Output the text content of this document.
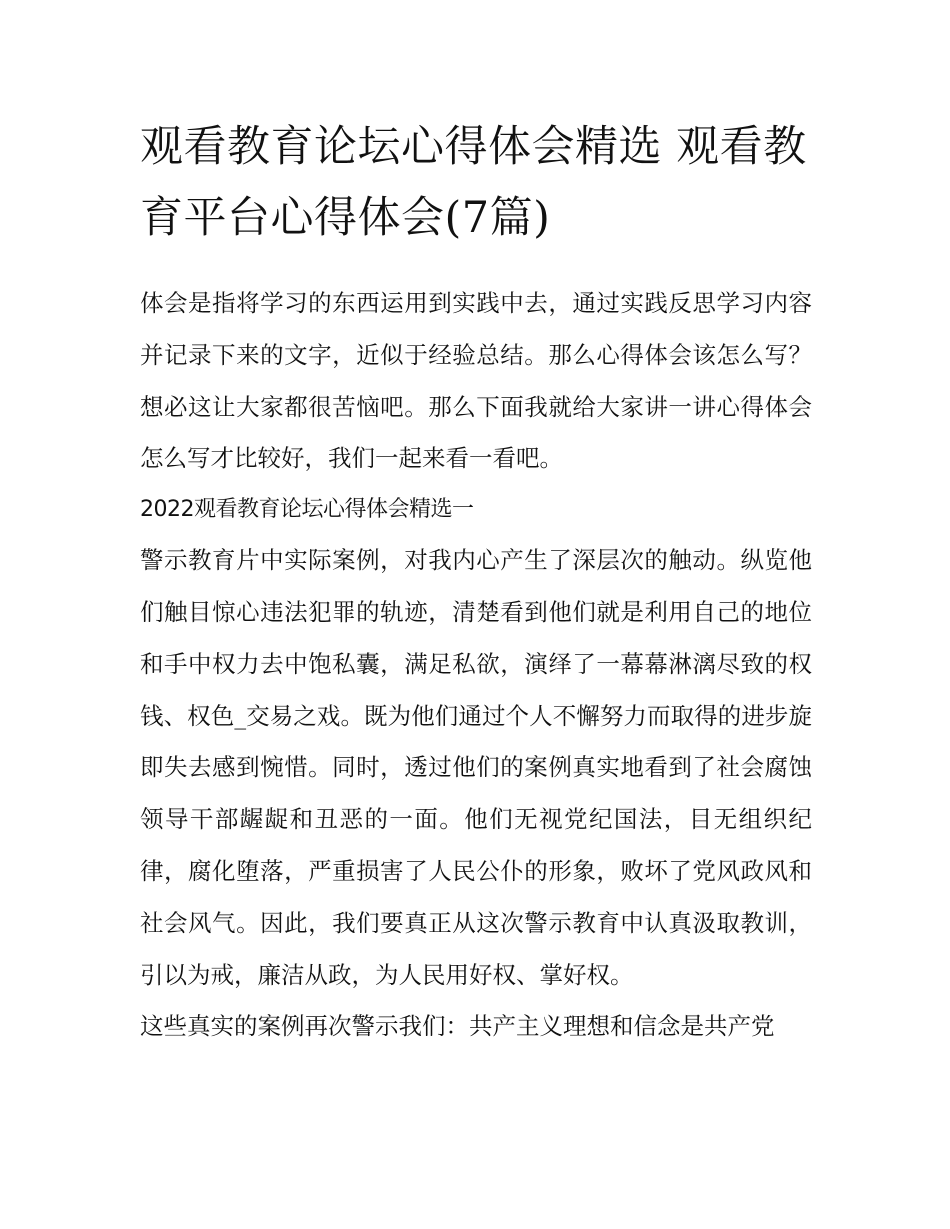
观看教育论坛心得体会精选 观看教育平台心得体会(7篇)

体会是指将学习的东西运用到实践中去，通过实践反思学习内容并记录下来的文字，近似于经验总结。那么心得体会该怎么写？想必这让大家都很苦恼吧。那么下面我就给大家讲一讲心得体会怎么写才比较好，我们一起来看一看吧。

2022观看教育论坛心得体会精选一

警示教育片中实际案例，对我内心产生了深层次的触动。纵览他们触目惊心违法犯罪的轨迹，清楚看到他们就是利用自己的地位和手中权力去中饱私囊，满足私欲，演绎了一幕幕淋漓尽致的权钱、权色_交易之戏。既为他们通过个人不懈努力而取得的进步旋即失去感到惋惜。同时，透过他们的案例真实地看到了社会腐蚀领导干部龌龊和丑恶的一面。他们无视党纪国法，目无组织纪律，腐化堕落，严重损害了人民公仆的形象，败坏了党风政风和社会风气。因此，我们要真正从这次警示教育中认真汲取教训，引以为戒，廉洁从政，为人民用好权、掌好权。

这些真实的案例再次警示我们：共产主义理想和信念是共产党
